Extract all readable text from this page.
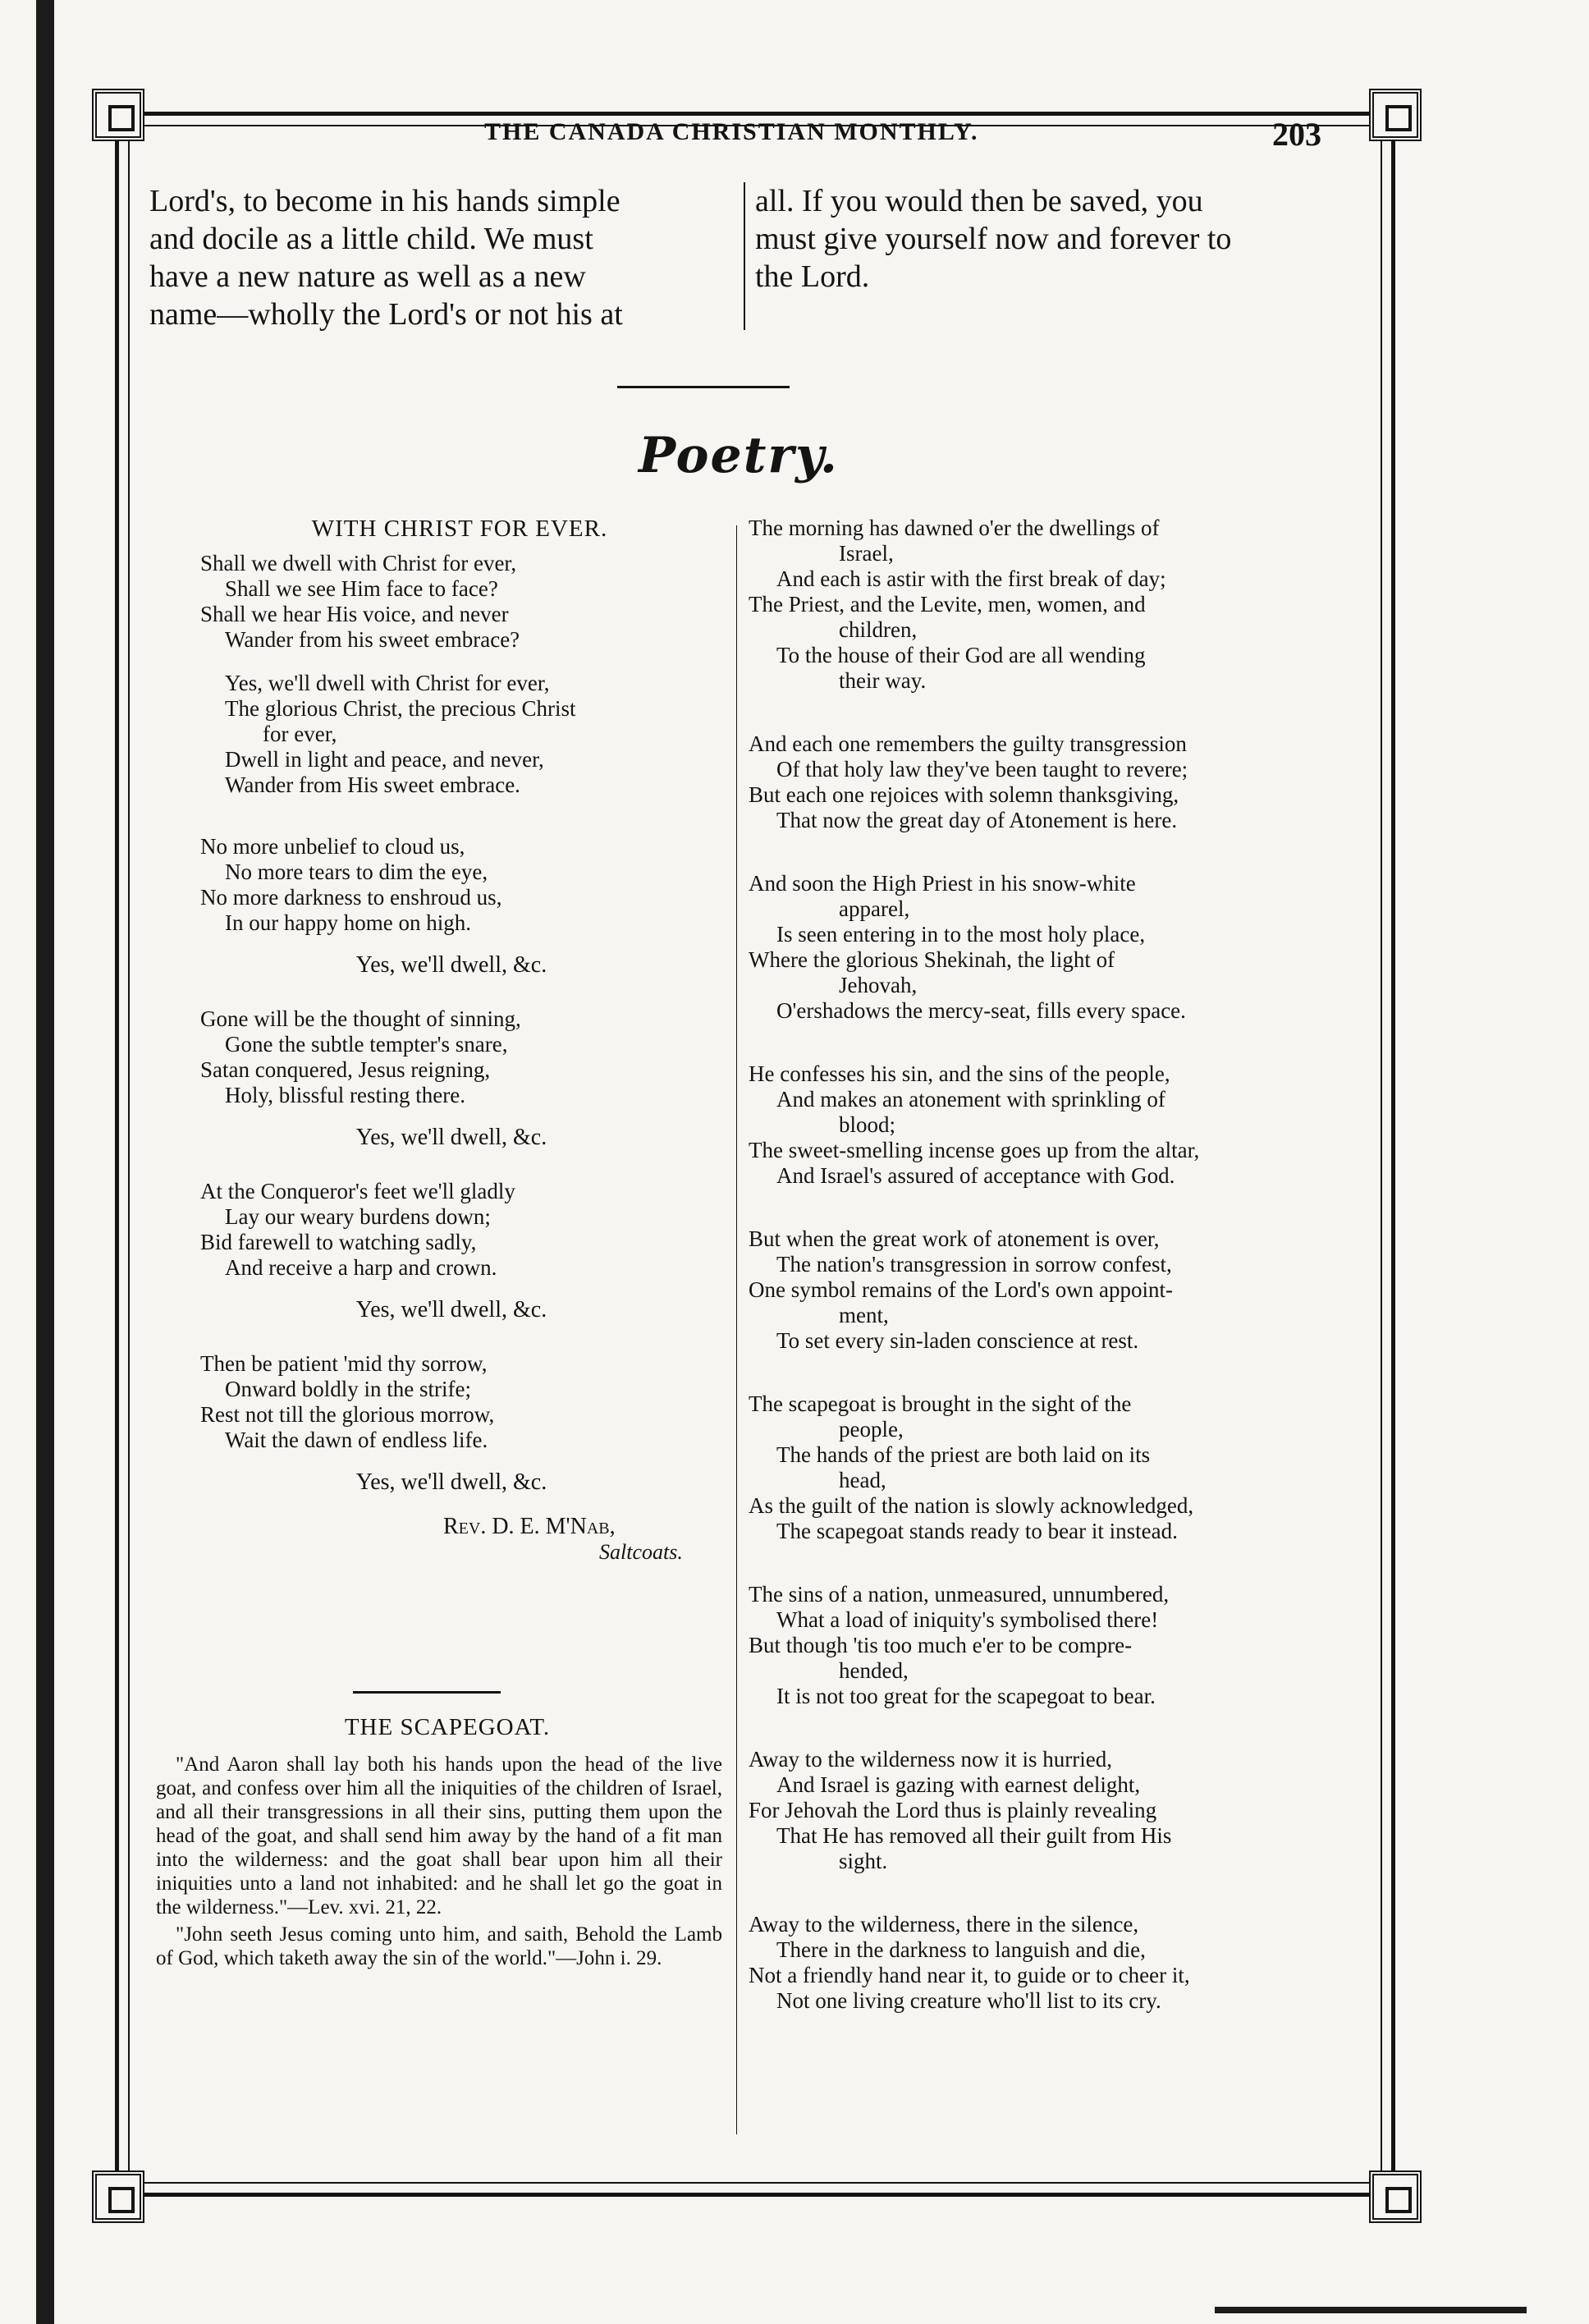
THE CANADA CHRISTIAN MONTHLY.	203

Lord's, to become in his hands simple

and docile as a little child. We must

have a new nature as well as a new

name—wholly the Lord's or not his at

all. If you would then be saved, you

must give yourself now and forever to

the Lord.

Poetry.

WITH CHRIST FOR EVER.

Shall we dwell with Christ for ever,
Shall we see Him face to face?
Shall we hear His voice, and never
Wander from his sweet embrace?
Yes, we'll dwell with Christ for ever,
The glorious Christ, the precious Christ
for ever,
Dwell in light and peace, and never,
Wander from His sweet embrace.
No more unbelief to cloud us,
No more tears to dim the eye,
No more darkness to enshroud us,
In our happy home on high.

Yes, we'll dwell, &c.

Gone will be the thought of sinning,
Gone the subtle tempter's snare,
Satan conquered, Jesus reigning,
Holy, blissful resting there.

Yes, we'll dwell, &c.

At the Conqueror's feet we'll gladly
Lay our weary burdens down;
Bid farewell to watching sadly,
And receive a harp and crown.

Yes, we'll dwell, &c.

Then be patient 'mid thy sorrow,
Onward boldly in the strife;
Rest not till the glorious morrow,
Wait the dawn of endless life.

Yes, we'll dwell, &c.

Rev. D. E. M'Nab,
Saltcoats.

THE SCAPEGOAT.

"And Aaron shall lay both his hands upon the head of the live goat, and confess over him all the iniquities of the children of Israel, and all their transgressions in all their sins, putting them upon the head of the goat, and shall send him away by the hand of a fit man into the wilderness: and the goat shall bear upon him all their iniquities unto a land not inhabited: and he shall let go the goat in the wilderness."—Lev. xvi. 21, 22.

"John seeth Jesus coming unto him, and saith, Behold the Lamb of God, which taketh away the sin of the world."—John i. 29.

The morning has dawned o'er the dwellings of
Israel,
And each is astir with the first break of day;
The Priest, and the Levite, men, women, and
children,
To the house of their God are all wending
their way.
And each one remembers the guilty transgression
Of that holy law they've been taught to revere;
But each one rejoices with solemn thanksgiving,
That now the great day of Atonement is here.
And soon the High Priest in his snow-white
apparel,
Is seen entering in to the most holy place,
Where the glorious Shekinah, the light of
Jehovah,
O'ershadows the mercy-seat, fills every space.
He confesses his sin, and the sins of the people,
And makes an atonement with sprinkling of
blood;
The sweet-smelling incense goes up from the altar,
And Israel's assured of acceptance with God.
But when the great work of atonement is over,
The nation's transgression in sorrow confest,
One symbol remains of the Lord's own appoint-
ment,
To set every sin-laden conscience at rest.
The scapegoat is brought in the sight of the
people,
The hands of the priest are both laid on its
head,
As the guilt of the nation is slowly acknowledged,
The scapegoat stands ready to bear it instead.
The sins of a nation, unmeasured, unnumbered,
What a load of iniquity's symbolised there!
But though 'tis too much e'er to be compre-
hended,
It is not too great for the scapegoat to bear.
Away to the wilderness now it is hurried,
And Israel is gazing with earnest delight,
For Jehovah the Lord thus is plainly revealing
That He has removed all their guilt from His
sight.
Away to the wilderness, there in the silence,
There in the darkness to languish and die,
Not a friendly hand near it, to guide or to cheer it,
Not one living creature who'll list to its cry.
